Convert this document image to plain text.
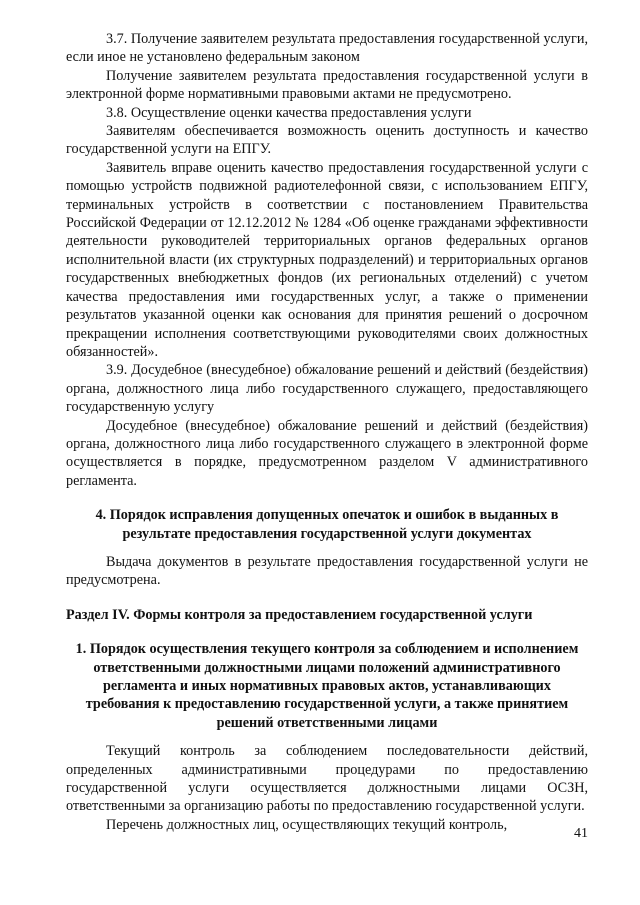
3.7. Получение заявителем результата предоставления государственной услуги, если иное не установлено федеральным законом

Получение заявителем результата предоставления государственной услуги в электронной форме нормативными правовыми актами не предусмотрено.

3.8. Осуществление оценки качества предоставления услуги

Заявителям обеспечивается возможность оценить доступность и качество государственной услуги на ЕПГУ.

Заявитель вправе оценить качество предоставления государственной услуги с помощью устройств подвижной радиотелефонной связи, с использованием ЕПГУ, терминальных устройств в соответствии с постановлением Правительства Российской Федерации от 12.12.2012 № 1284 «Об оценке гражданами эффективности деятельности руководителей территориальных органов федеральных органов исполнительной власти (их структурных подразделений) и территориальных органов государственных внебюджетных фондов (их региональных отделений) с учетом качества предоставления ими государственных услуг, а также о применении результатов указанной оценки как основания для принятия решений о досрочном прекращении исполнения соответствующими руководителями своих должностных обязанностей».

3.9. Досудебное (внесудебное) обжалование решений и действий (бездействия) органа, должностного лица либо государственного служащего, предоставляющего государственную услугу

Досудебное (внесудебное) обжалование решений и действий (бездействия) органа, должностного лица либо государственного служащего в электронной форме осуществляется в порядке, предусмотренном разделом V административного регламента.

4. Порядок исправления допущенных опечаток и ошибок в выданных в результате предоставления государственной услуги документах

Выдача документов в результате предоставления государственной услуги не предусмотрена.

Раздел IV. Формы контроля за предоставлением государственной услуги

1. Порядок осуществления текущего контроля за соблюдением и исполнением ответственными должностными лицами положений административного регламента и иных нормативных правовых актов, устанавливающих требования к предоставлению государственной услуги, а также принятием решений ответственными лицами

Текущий контроль за соблюдением последовательности действий, определенных административными процедурами по предоставлению государственной услуги осуществляется должностными лицами ОСЗН, ответственными за организацию работы по предоставлению государственной услуги.

Перечень должностных лиц, осуществляющих текущий контроль,

41
